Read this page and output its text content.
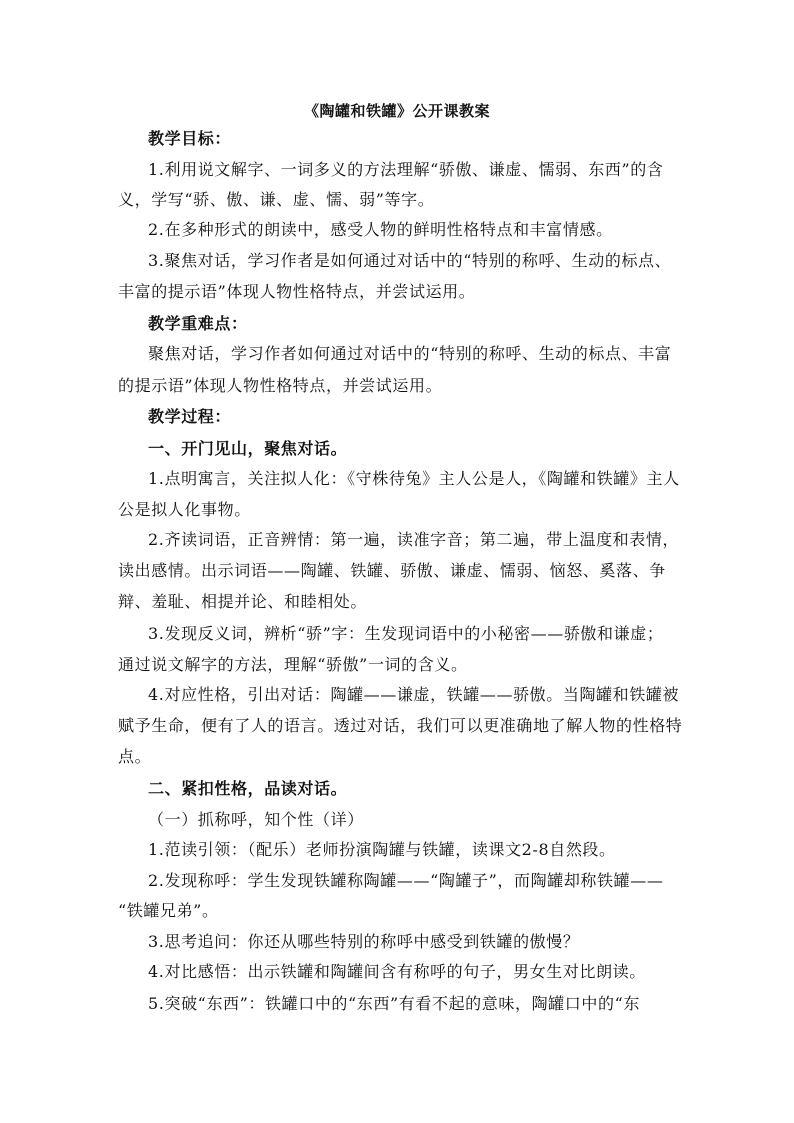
《陶罐和铁罐》公开课教案
教学目标：
1.利用说文解字、一词多义的方法理解“骄傲、谦虚、懦弱、东西”的含
义，学写“骄、傲、谦、虚、懦、弱”等字。
2.在多种形式的朗读中，感受人物的鲜明性格特点和丰富情感。
3.聚焦对话，学习作者是如何通过对话中的“特别的称呼、生动的标点、
丰富的提示语”体现人物性格特点，并尝试运用。
教学重难点：
聚焦对话，学习作者如何通过对话中的“特别的称呼、生动的标点、丰富
的提示语”体现人物性格特点，并尝试运用。
教学过程：
一、开门见山，聚焦对话。
1.点明寓言，关注拟人化：《守株待兔》主人公是人，《陶罐和铁罐》主人
公是拟人化事物。
2.齐读词语，正音辨情：第一遍，读准字音；第二遍，带上温度和表情，
读出感情。出示词语——陶罐、铁罐、骄傲、谦虚、懦弱、恼怒、奚落、争
辩、羞耻、相提并论、和睦相处。
3.发现反义词，辨析“骄”字：生发现词语中的小秘密——骄傲和谦虚；
通过说文解字的方法，理解“骄傲”一词的含义。
4.对应性格，引出对话：陶罐——谦虚，铁罐——骄傲。当陶罐和铁罐被
赋予生命，便有了人的语言。透过对话，我们可以更准确地了解人物的性格特
点。
二、紧扣性格，品读对话。
（一）抓称呼，知个性（详）
1.范读引领：（配乐）老师扮演陶罐与铁罐，读课文2-8自然段。
2.发现称呼：学生发现铁罐称陶罐——“陶罐子”，而陶罐却称铁罐——
“铁罐兄弟”。
3.思考追问：你还从哪些特别的称呼中感受到铁罐的傲慢？
4.对比感悟：出示铁罐和陶罐间含有称呼的句子，男女生对比朗读。
5.突破“东西”：铁罐口中的“东西”有看不起的意味，陶罐口中的“东
